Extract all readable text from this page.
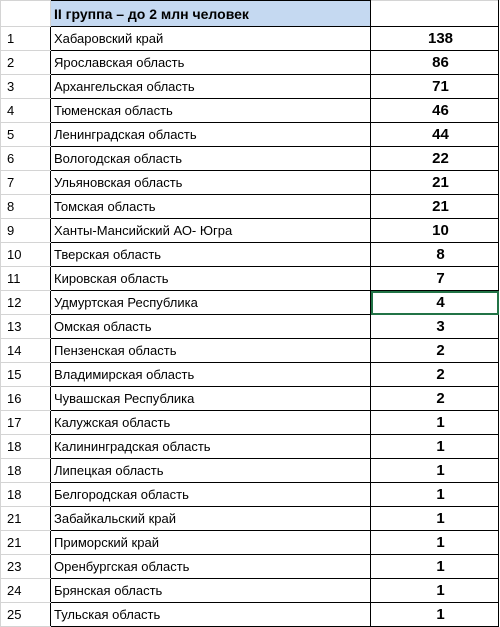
	II группа – до 2 млн человек	
1	Хабаровский край	138
2	Ярославская область	86
3	Архангельская область	71
4	Тюменская область	46
5	Ленинградская область	44
6	Вологодская область	22
7	Ульяновская область	21
8	Томская область	21
9	Ханты-Мансийский АО- Югра	10
10	Тверская область	8
11	Кировская область	7
12	Удмуртская Республика	4
13	Омская область	3
14	Пензенская область	2
15	Владимирская область	2
16	Чувашская Республика	2
17	Калужская область	1
18	Калининградская область	1
18	Липецкая область	1
18	Белгородская область	1
21	Забайкальский край	1
21	Приморский край	1
23	Оренбургская область	1
24	Брянская область	1
25	Тульская область	1
